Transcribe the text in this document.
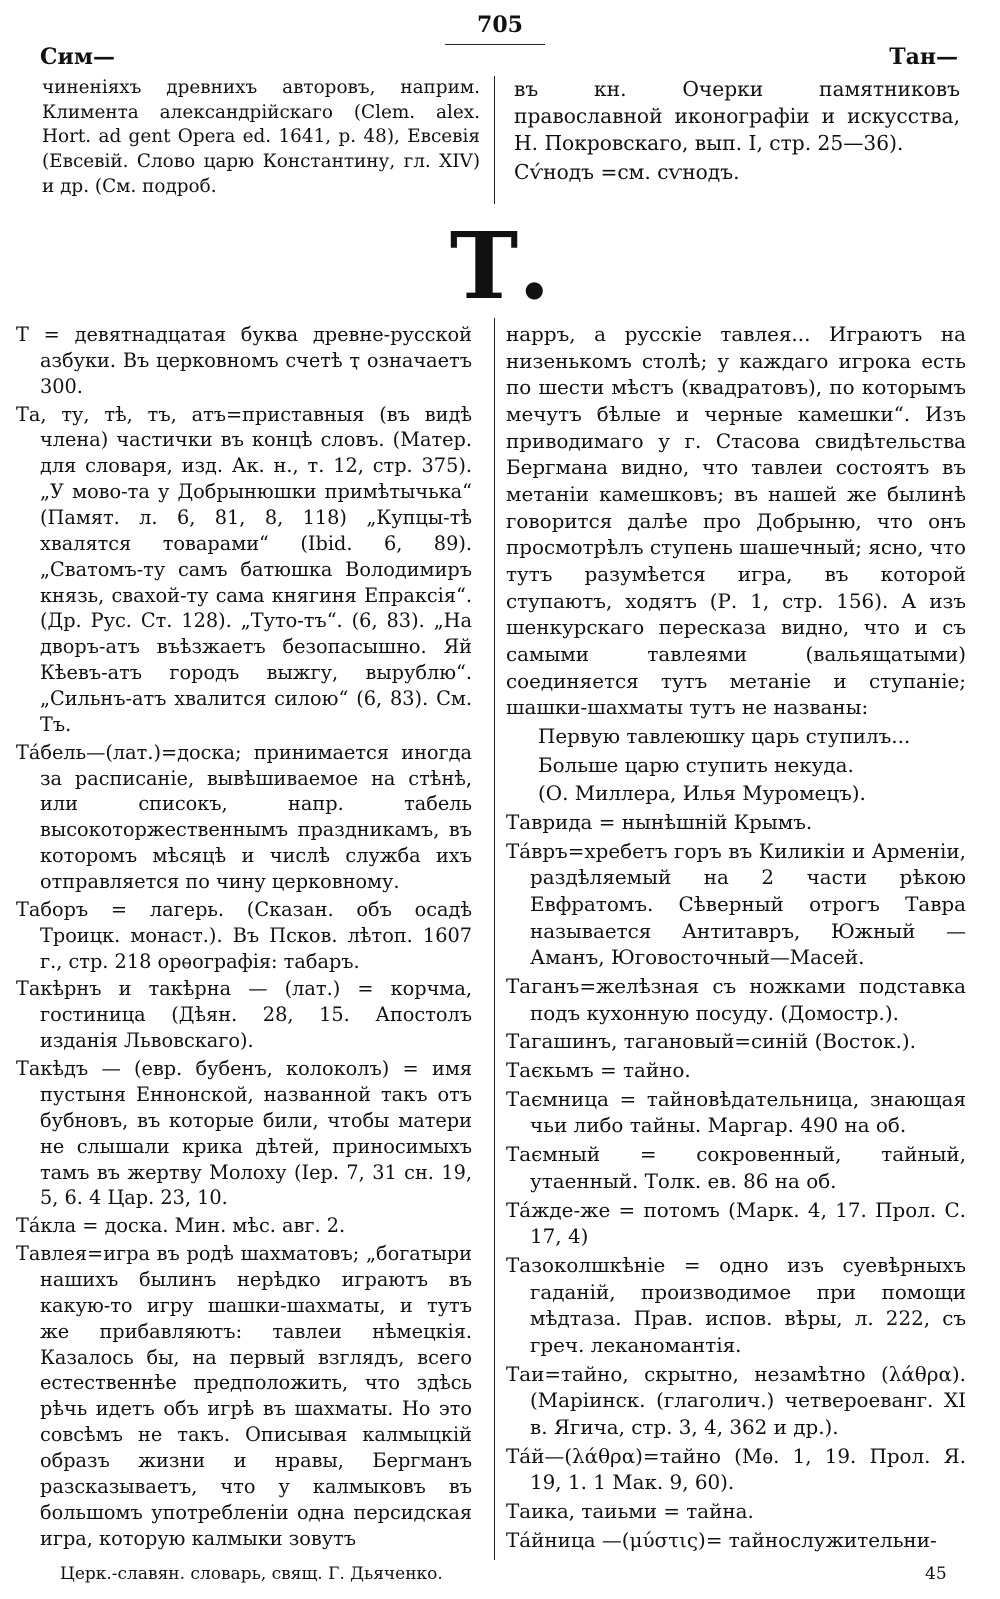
705
Сим—	Тан—

чиненіяхъ древнихъ авторовъ, наприм. Климента александрійскаго (Clem. alex. Hort. ad gent Opera ed. 1641, p. 48), Евсевія (Евсевій. Слово царю Константину, гл. XIV) и др. (См. подроб.

въ кн. Очерки памятниковъ православной иконографіи и искусства, Н. Покровскаго, вып. I, стр. 25—36).

Сѵ́нодъ =см. сѵнодъ.

Т.

Т = девятнадцатая буква древне-русской азбуки. Въ церковномъ счетѣ ҭ означаетъ 300.

Та, ту, тѣ, тъ, атъ=приставныя (въ видѣ члена) частички въ концѣ словъ. (Матер. для словаря, изд. Ак. н., т. 12, стр. 375). „У мово-та у Добрынюшки примѣтычька“ (Памят. л. 6, 81, 8, 118) „Купцы-тѣ хвалятся товарами“ (Ibid. 6, 89). „Сватомъ-ту самъ батюшка Володимиръ князь, свахой-ту сама княгиня Епраксія“. (Др. Рус. Ст. 128). „Туто-тъ“. (6, 83). „На дворъ-атъ въѣзжаетъ безопасышно. Яй Кѣевъ-атъ городъ выжгу, вырублю“. „Сильнъ-атъ хвалится силою“ (6, 83). См. Тъ.

Та́бель—(лат.)=доска; принимается иногда за расписаніе, вывѣшиваемое на стѣнѣ, или списокъ, напр. табель высокоторжественнымъ праздникамъ, въ которомъ мѣсяцѣ и числѣ служба ихъ отправляется по чину церковному.

Таборъ = лагерь. (Сказан. объ осадѣ Троицк. монаст.). Въ Псков. лѣтоп. 1607 г., стр. 218 орѳографія: табаръ.

Такѣрнъ и такѣрна — (лат.) = корчма, гостиница (Дѣян. 28, 15. Апостолъ изданія Львовскаго).

Такѣдъ — (евр. бубенъ, колоколъ) = имя пустыня Еннонской, названной такъ отъ бубновъ, въ которые били, чтобы матери не слышали крика дѣтей, приносимыхъ тамъ въ жертву Молоху (Іер. 7, 31 сн. 19, 5, 6. 4 Цар. 23, 10.

Та́кла = доска. Мин. мѣс. авг. 2.

Тавлея=игра въ родѣ шахматовъ; „богатыри нашихъ былинъ нерѣдко играютъ въ какую-то игру шашки-шахматы, и тутъ же прибавляютъ: тавлеи нѣмецкія. Казалось бы, на первый взглядъ, всего естественнѣе предположить, что здѣсь рѣчь идетъ объ игрѣ въ шахматы. Но это совсѣмъ не такъ. Описывая калмыцкій образъ жизни и нравы, Бергманъ разсказываетъ, что у калмыковъ въ большомъ употребленіи одна персидская игра, которую калмыки зовутъ

нарръ, а русскіе тавлея... Играютъ на низенькомъ столѣ; у каждаго игрока есть по шести мѣстъ (квадратовъ), по которымъ мечутъ бѣлые и черные камешки“. Изъ приводимаго у г. Стасова свидѣтельства Бергмана видно, что тавлеи состоятъ въ метаніи камешковъ; въ нашей же былинѣ говорится далѣе про Добрыню, что онъ просмотрѣлъ ступень шашечный; ясно, что тутъ разумѣется игра, въ которой ступаютъ, ходятъ (Р. 1, стр. 156). А изъ шенкурскаго пересказа видно, что и съ самыми тавлеями (вальящатыми) соединяется тутъ метаніе и ступаніе; шашки-шахматы тутъ не названы:

Первую тавлеюшку царь ступилъ...

Больше царю ступить некуда.

(О. Миллера, Илья Муромецъ).

Таврида = нынѣшній Крымъ.

Та́връ=хребетъ горъ въ Киликіи и Арменіи, раздѣляемый на 2 части рѣкою Евфратомъ. Сѣверный отрогъ Тавра называется Антитавръ, Южный — Аманъ, Юговосточный—Масей.

Таганъ=желѣзная съ ножками подставка подъ кухонную посуду. (Домостр.).

Тагашинъ, тагановый=синій (Восток.).

Таєкьмъ = тайно.

Таємница = тайновѣдательница, знающая чьи либо тайны. Маргар. 490 на об.

Таємный = сокровенный, тайный, утаенный. Толк. ев. 86 на об.

Та́жде-же = потомъ (Марк. 4, 17. Прол. С. 17, 4)

Тазоколшкѣніе = одно изъ суевѣрныхъ гаданій, производимое при помощи мѣдтаза. Прав. испов. вѣры, л. 222, съ греч. леканомантія.

Таи=тайно, скрытно, незамѣтно (λάθρα). (Маріинск. (глаголич.) четвероеванг. XI в. Ягича, стр. 3, 4, 362 и др.).

Та́й—(λάθρα)=тайно (Мѳ. 1, 19. Прол. Я. 19, 1. 1 Мак. 9, 60).

Таика, таиьми = тайна.

Та́йница —(μύστις)= тайнослужительни-

Церк.-славян. словарь, свящ. Г. Дьяченко.	45
